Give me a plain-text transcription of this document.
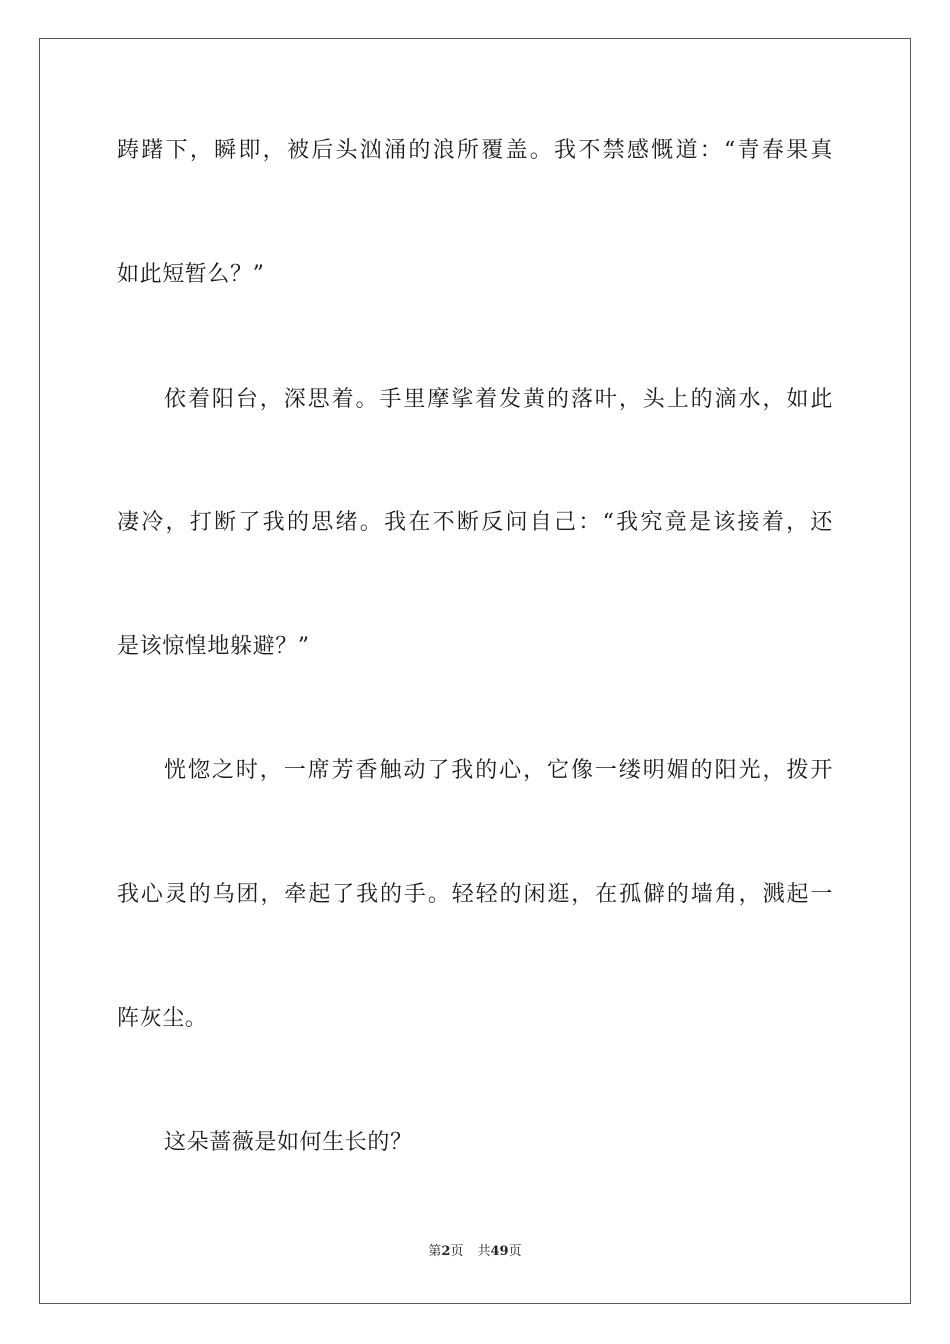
踌躇下，瞬即，被后头汹涌的浪所覆盖。我不禁感慨道：“青春果真
如此短暂么？”
依着阳台，深思着。手里摩挲着发黄的落叶，头上的滴水，如此
凄冷，打断了我的思绪。我在不断反问自己：“我究竟是该接着，还
是该惊惶地躲避？”
恍惚之时，一席芳香触动了我的心，它像一缕明媚的阳光，拨开
我心灵的乌团，牵起了我的手。轻轻的闲逛，在孤僻的墙角，溅起一
阵灰尘。
这朵蔷薇是如何生长的？
第2页 共49页
